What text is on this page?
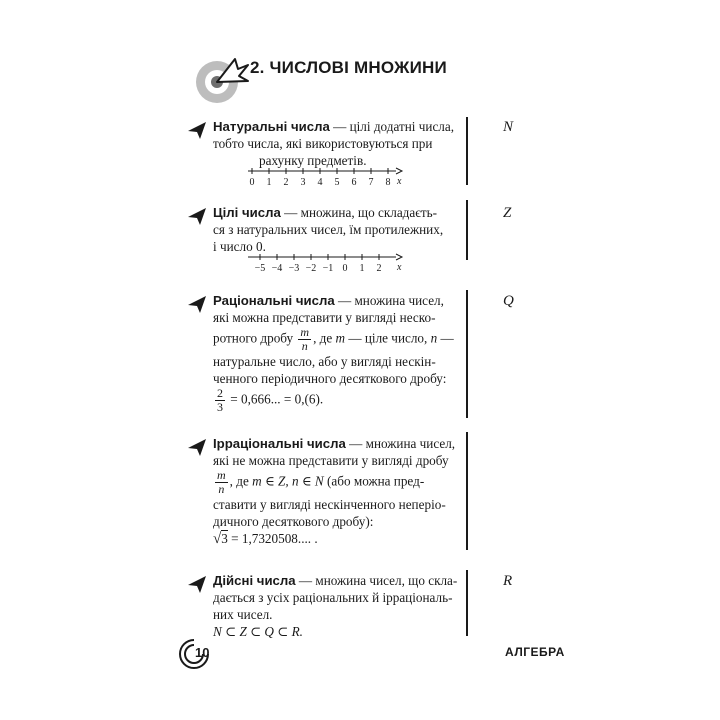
2. ЧИСЛОВІ МНОЖИНИ
Натуральні числа — цілі додатні числа,
тобто числа, які використовуються при
рахунку предметів.
N
0 1 2 3 4 5 6 7 8 x
Цілі числа — множина, що складаєть-
ся з натуральних чисел, їм протилежних,
і число 0.
Z
−5 −4 −3 −2 −1 0 1 2 x
Раціональні числа — множина чисел,
які можна представити у вигляді неско-
ротного дробу $\frac{m}{n}$ , де m — ціле число, n —
натуральне число, або у вигляді нескін-
ченного періодичного десяткового дробу:

$\frac{2}{3} = 0,666$... = 0,(6).
Q
Ірраціональні числа — множина чисел,
які не можна представити у вигляді дробу

$\frac{m}{n}$ , де m ∈ Z, n ∈ N (або можна пред-
ставити у вигляді нескінченного неперіо-
дичного десяткового дробу):
√3 = 1,7320508.... .
Дійсні числа — множина чисел, що скла-
дається з усіх раціональних й ірраціональ-
них чисел.
N ⊂ Z ⊂ Q ⊂ R.
R
10	АЛГЕБРА
